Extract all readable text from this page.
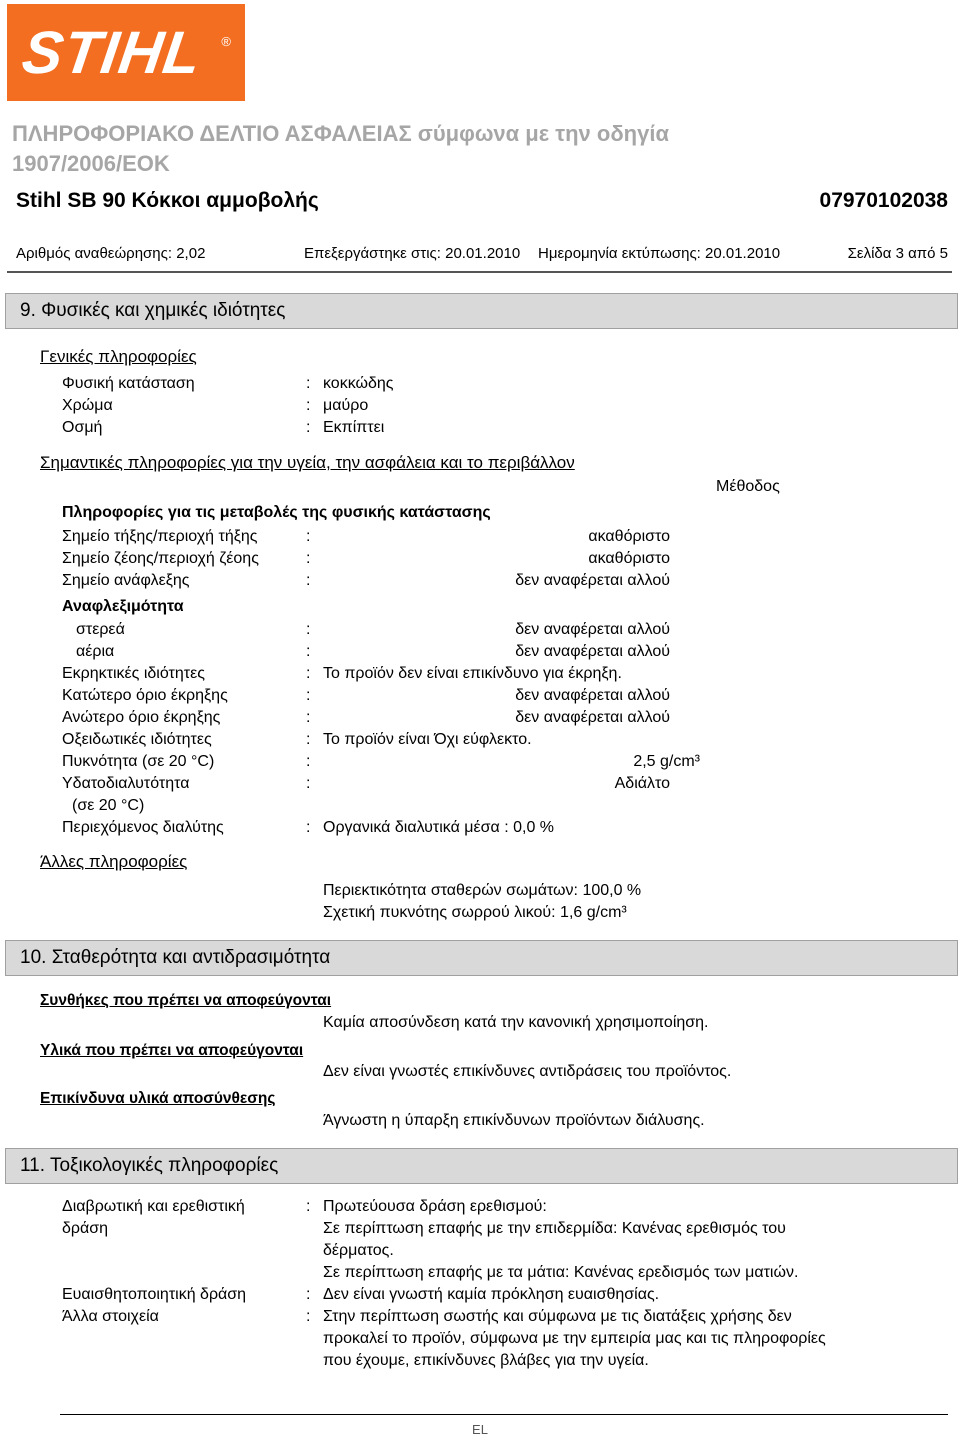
STIHL ®
ΠΛΗΡΟΦΟΡΙΑΚΟ ΔΕΛΤΙΟ ΑΣΦΑΛΕΙΑΣ σύμφωνα με την οδηγία
1907/2006/ΕΟΚ
Stihl SB 90 Κόκκοι αμμοβολής	07970102038
Αριθμός αναθεώρησης: 2,02	Επεξεργάστηκε στις: 20.01.2010 Ημερομηνία εκτύπωσης: 20.01.2010	Σελίδα 3 από 5
9. Φυσικές και χημικές ιδιότητες
Γενικές πληροφορίες
Φυσική κατάσταση	: κοκκώδης
Χρώμα	: μαύρο
Οσμή	: Εκπίπτει
Σημαντικές πληροφορίες για την υγεία, την ασφάλεια και το περιβάλλον
Μέθοδος
Πληροφορίες για τις μεταβολές της φυσικής κατάστασης
Σημείο τήξης/περιοχή τήξης	:	ακαθόριστο
Σημείο ζέοης/περιοχή ζέοης	:	ακαθόριστο
Σημείο ανάφλεξης	:	δεν αναφέρεται αλλού
Αναφλεξιμότητα
στερεά	:	δεν αναφέρεται αλλού
αέρια	:	δεν αναφέρεται αλλού
Εκρηκτικές ιδιότητες	: Το προϊόν δεν είναι επικίνδυνο για έκρηξη.
Κατώτερο όριο έκρηξης	:	δεν αναφέρεται αλλού
Ανώτερο όριο έκρηξης	:	δεν αναφέρεται αλλού
Οξειδωτικές ιδιότητες	: Το προϊόν είναι Όχι εύφλεκτο.
Πυκνότητα (σε 20 °C)	:	2,5 g/cm³
Υδατοδιαλυτότητα	:	Αδιάλτο
(σε 20 °C)
Περιεχόμενος διαλύτης	: Οργανικά διαλυτικά μέσα : 0,0 %
Άλλες πληροφορίες
Περιεκτικότητα σταθερών σωμάτων: 100,0 %
Σχετική πυκνότης σωρρού λικού: 1,6 g/cm³
10. Σταθερότητα και αντιδρασιμότητα
Συνθήκες που πρέπει να αποφεύγονται
Καμία αποσύνδεση κατά την κανονική χρησιμοποίηση.
Υλικά που πρέπει να αποφεύγονται
Δεν είναι γνωστές επικίνδυνες αντιδράσεις του προϊόντος.
Επικίνδυνα υλικά αποσύνθεσης
Άγνωστη η ύπαρξη επικίνδυνων προϊόντων διάλυσης.
11. Τοξικολογικές πληροφορίες
Διαβρωτική και ερεθιστική
δράση
: Πρωτεύουσα δράση ερεθισμού:
Σε περίπτωση επαφής με την επιδερμίδα: Κανένας ερεθισμός του
δέρματος.
Σε περίπτωση επαφής με τα μάτια: Κανένας ερεδισμός των ματιών.
Ευαισθητοποιητική δράση	: Δεν είναι γνωστή καμία πρόκληση ευαισθησίας.
Άλλα στοιχεία	: Στην περίπτωση σωστής και σύμφωνα με τις διατάξεις χρήσης δεν
προκαλεί το προϊόν, σύμφωνα με την εμπειρία μας και τις πληροφορίες
που έχουμε, επικίνδυνες βλάβες για την υγεία.
EL
